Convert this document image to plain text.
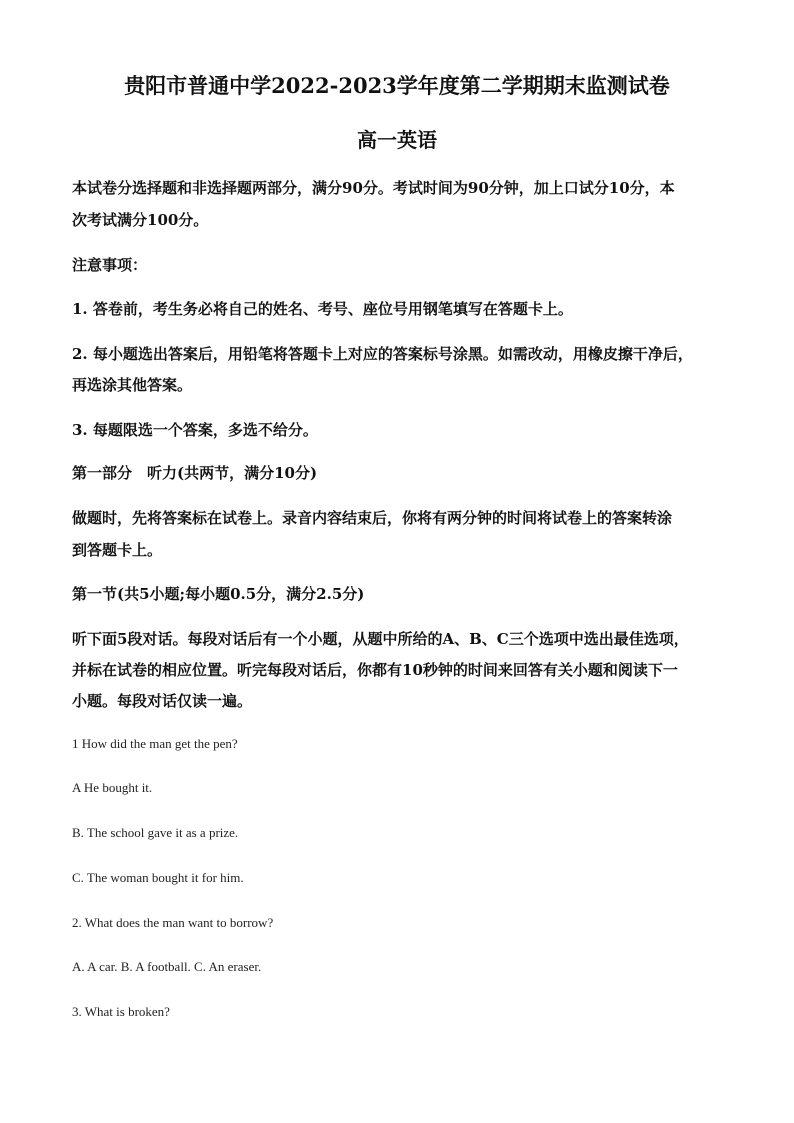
贵阳市普通中学2022-2023学年度第二学期期末监测试卷
高一英语
本试卷分选择题和非选择题两部分，满分90分。考试时间为90分钟，加上口试分10分，本
次考试满分100分。
注意事项：
1. 答卷前，考生务必将自己的姓名、考号、座位号用钢笔填写在答题卡上。
2. 每小题选出答案后，用铅笔将答题卡上对应的答案标号涂黑。如需改动，用橡皮擦干净后，
再选涂其他答案。
3. 每题限选一个答案，多选不给分。
第一部分　听力(共两节，满分10分)
做题时，先将答案标在试卷上。录音内容结束后，你将有两分钟的时间将试卷上的答案转涂
到答题卡上。
第一节(共5小题;每小题0.5分，满分2.5分)
听下面5段对话。每段对话后有一个小题，从题中所给的A、B、C三个选项中选出最佳选项，
并标在试卷的相应位置。听完每段对话后，你都有10秒钟的时间来回答有关小题和阅读下一
小题。每段对话仅读一遍。
1 How did the man get the pen?
A He bought it.
B. The school gave it as a prize.
C. The woman bought it for him.
2. What does the man want to borrow?
A. A car. B. A football. C. An eraser.
3. What is broken?
